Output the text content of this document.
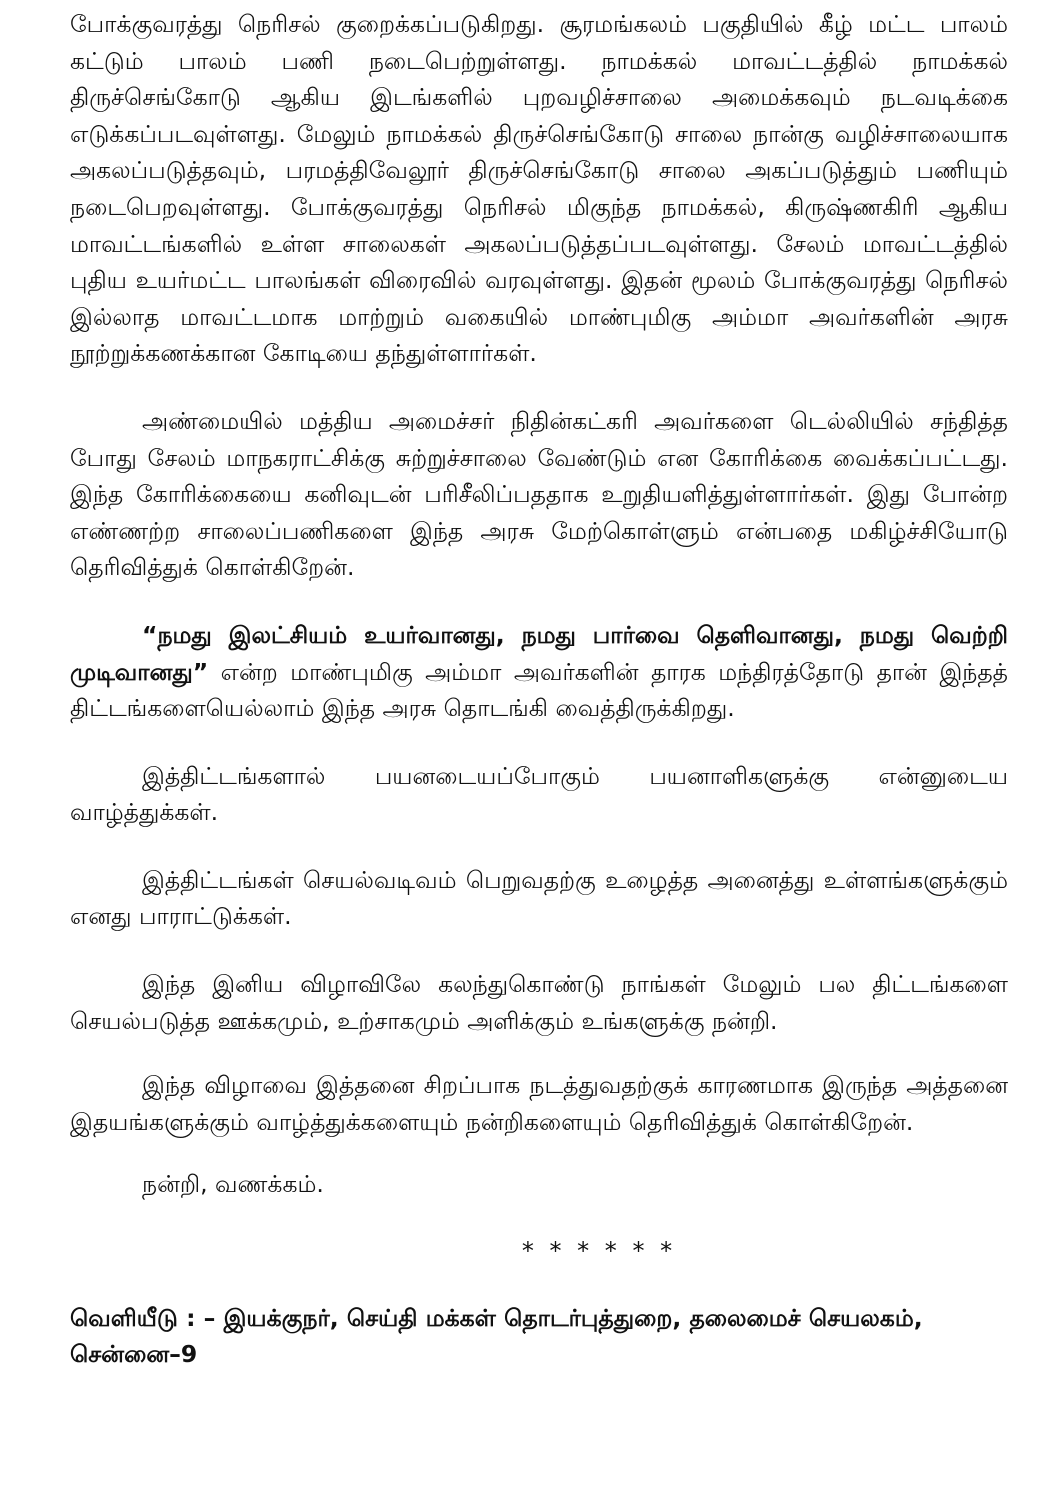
போக்குவரத்து நெரிசல் குறைக்கப்படுகிறது. சூரமங்கலம் பகுதியில் கீழ் மட்ட பாலம் கட்டும் பாலம் பணி நடைபெற்றுள்ளது. நாமக்கல் மாவட்டத்தில் நாமக்கல் திருச்செங்கோடு ஆகிய இடங்களில் புறவழிச்சாலை அமைக்கவும் நடவடிக்கை எடுக்கப்படவுள்ளது. மேலும் நாமக்கல் திருச்செங்கோடு சாலை நான்கு வழிச்சாலையாக அகலப்படுத்தவும், பரமத்திவேலூர் திருச்செங்கோடு சாலை அகப்படுத்தும் பணியும் நடைபெறவுள்ளது. போக்குவரத்து நெரிசல் மிகுந்த நாமக்கல், கிருஷ்ணகிரி ஆகிய மாவட்டங்களில் உள்ள சாலைகள் அகலப்படுத்தப்படவுள்ளது. சேலம் மாவட்டத்தில் புதிய உயர்மட்ட பாலங்கள் விரைவில் வரவுள்ளது. இதன் மூலம் போக்குவரத்து நெரிசல் இல்லாத மாவட்டமாக மாற்றும் வகையில் மாண்புமிகு அம்மா அவர்களின் அரசு நூற்றுக்கணக்கான கோடியை தந்துள்ளார்கள்.

அண்மையில் மத்திய அமைச்சர் நிதின்கட்கரி அவர்களை டெல்லியில் சந்தித்த போது சேலம் மாநகராட்சிக்கு சுற்றுச்சாலை வேண்டும் என கோரிக்கை வைக்கப்பட்டது. இந்த கோரிக்கையை கனிவுடன் பரிசீலிப்பததாக உறுதியளித்துள்ளார்கள். இது போன்ற எண்ணற்ற சாலைப்பணிகளை இந்த அரசு மேற்கொள்ளும் என்பதை மகிழ்ச்சியோடு தெரிவித்துக் கொள்கிறேன்.

“நமது இலட்சியம் உயர்வானது, நமது பார்வை தெளிவானது, நமது வெற்றி முடிவானது” என்ற மாண்புமிகு அம்மா அவர்களின் தாரக மந்திரத்தோடு தான் இந்தத் திட்டங்களையெல்லாம் இந்த அரசு தொடங்கி வைத்திருக்கிறது.

இத்திட்டங்களால் பயனடையப்போகும் பயனாளிகளுக்கு என்னுடைய வாழ்த்துக்கள்.

இத்திட்டங்கள் செயல்வடிவம் பெறுவதற்கு உழைத்த அனைத்து உள்ளங்களுக்கும் எனது பாராட்டுக்கள்.

இந்த இனிய விழாவிலே கலந்துகொண்டு நாங்கள் மேலும் பல திட்டங்களை செயல்படுத்த ஊக்கமும், உற்சாகமும் அளிக்கும் உங்களுக்கு நன்றி.

இந்த விழாவை இத்தனை சிறப்பாக நடத்துவதற்குக் காரணமாக இருந்த அத்தனை இதயங்களுக்கும் வாழ்த்துக்களையும் நன்றிகளையும் தெரிவித்துக் கொள்கிறேன்.

நன்றி, வணக்கம்.

* * * * * *

வெளியீடு : – இயக்குநர், செய்தி மக்கள் தொடர்புத்துறை, தலைமைச் செயலகம், சென்னை–9
